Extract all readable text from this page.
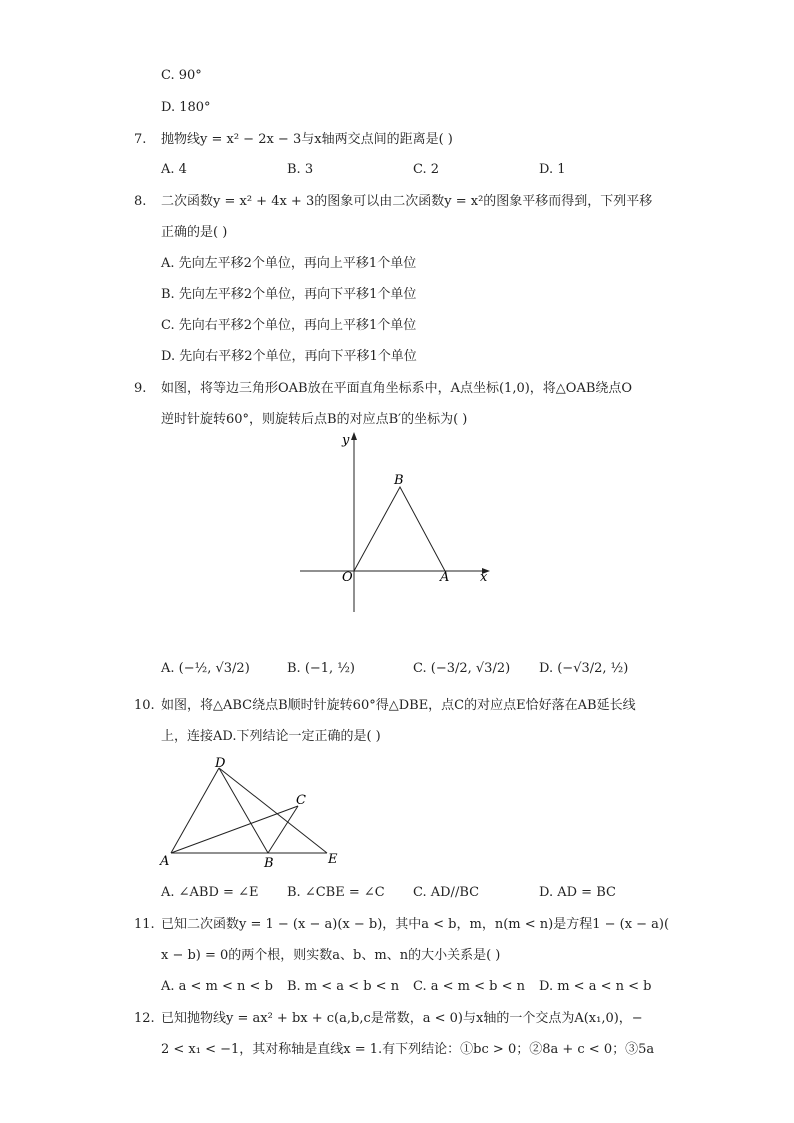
C. 90°
D. 180°
7. 抛物线y = x² − 2x − 3与x轴两交点间的距离是( )
A. 4	B. 3	C. 2	D. 1
8. 二次函数y = x² + 4x + 3的图象可以由二次函数y = x²的图象平移而得到，下列平移
正确的是( )
A. 先向左平移2个单位，再向上平移1个单位
B. 先向左平移2个单位，再向下平移1个单位
C. 先向右平移2个单位，再向上平移1个单位
D. 先向右平移2个单位，再向下平移1个单位
9. 如图，将等边三角形OAB放在平面直角坐标系中，A点坐标(1,0)，将△OAB绕点O
逆时针旋转60°，则旋转后点B的对应点B′的坐标为( )
y
x
O	A
B
A. (−½, √3/2)	B. (−1, ½)	C. (−3/2, √3/2) D. (−√3/2, ½)
10. 如图，将△ABC绕点B顺时针旋转60°得△DBE，点C的对应点E恰好落在AB延长线
上，连接AD.下列结论一定正确的是( )
D
C
A	B	E
A. ∠ABD = ∠E B. ∠CBE = ∠C C. AD//BC	D. AD = BC
11. 已知二次函数y = 1 − (x − a)(x − b)，其中a < b，m，n(m < n)是方程1 − (x − a)(
x − b) = 0的两个根，则实数a、b、m、n的大小关系是( )
A. a < m < n < b B. m < a < b < n C. a < m < b < n D. m < a < n < b
12. 已知抛物线y = ax² + bx + c(a,b,c是常数，a < 0)与x轴的一个交点为A(x₁,0)，−
2 < x₁ < −1，其对称轴是直线x = 1.有下列结论：①bc > 0；②8a + c < 0；③5a
